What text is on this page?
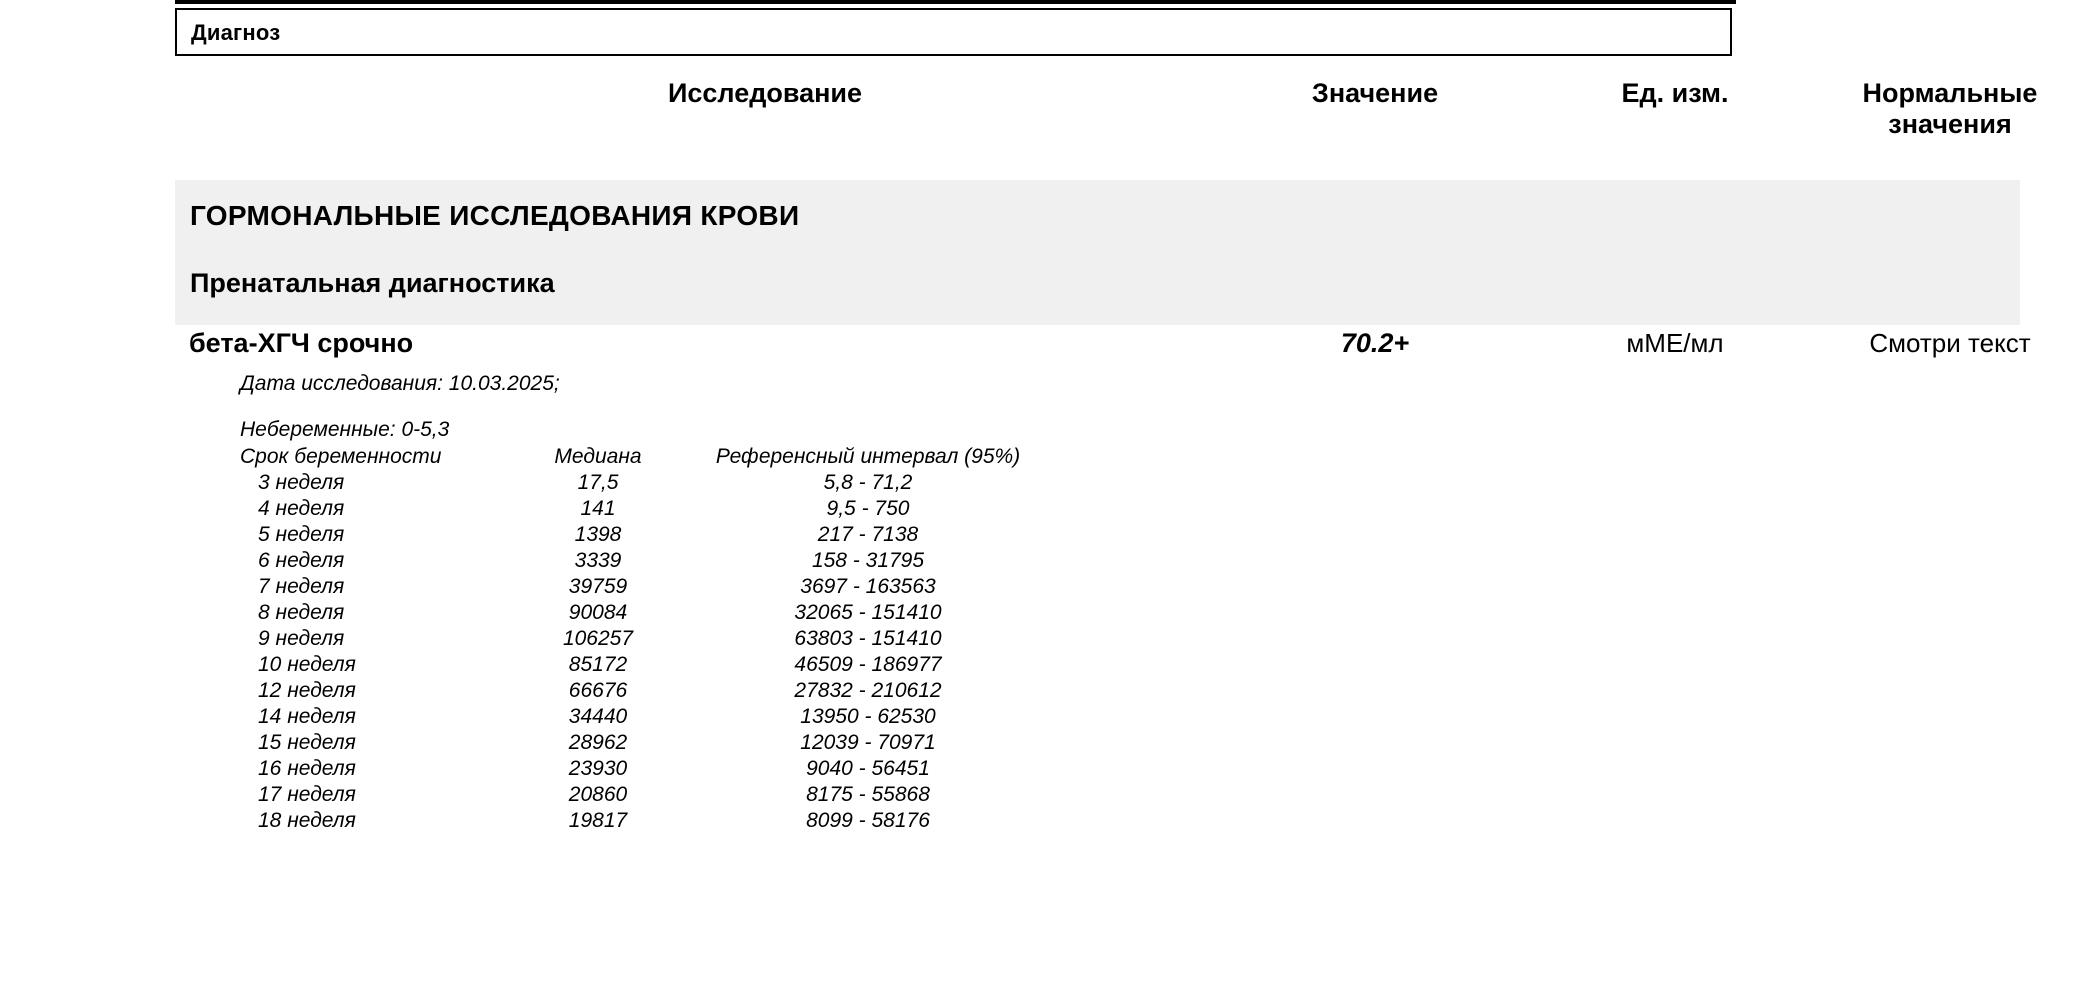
Диагноз
Исследование	Значение	Ед. изм.	Нормальные значения
ГОРМОНАЛЬНЫЕ ИССЛЕДОВАНИЯ КРОВИ
Пренатальная диагностика
бета-ХГЧ срочно	70.2+	мМЕ/мл	Смотри текст
Дата исследования: 10.03.2025;
Небеременные: 0-5,3
Срок беременности	Медиана	Референсный интервал (95%)
3 неделя	17,5	5,8 - 71,2
4 неделя	141	9,5 - 750
5 неделя	1398	217 - 7138
6 неделя	3339	158 - 31795
7 неделя	39759	3697 - 163563
8 неделя	90084	32065 - 151410
9 неделя	106257	63803 - 151410
10 неделя	85172	46509 - 186977
12 неделя	66676	27832 - 210612
14 неделя	34440	13950 - 62530
15 неделя	28962	12039 - 70971
16 неделя	23930	9040 - 56451
17 неделя	20860	8175 - 55868
18 неделя	19817	8099 - 58176
